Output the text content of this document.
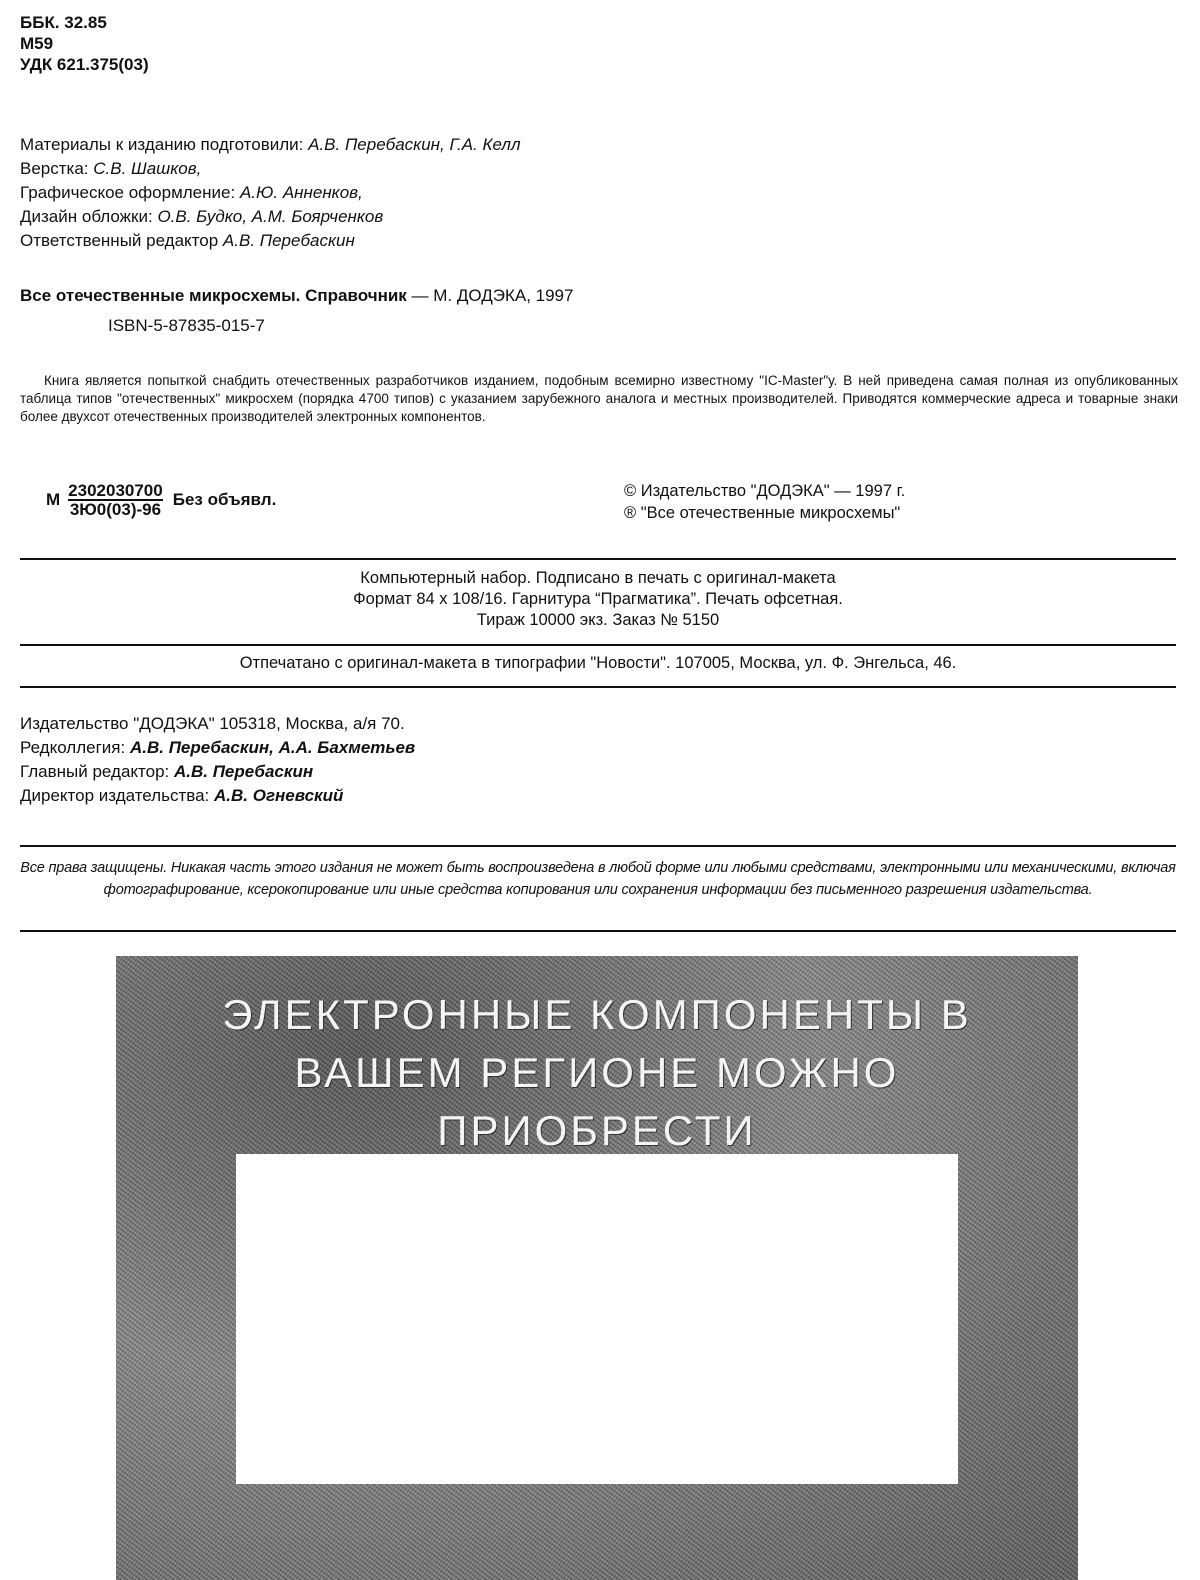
ББК. 32.85
М59
УДК 621.375(03)
Материалы к изданию подготовили: А.В. Перебаскин, Г.А. Келл
Верстка: С.В. Шашков,
Графическое оформление: А.Ю. Анненков,
Дизайн обложки: О.В. Будко, А.М. Боярченков
Ответственный редактор А.В. Перебаскин
Все отечественные микросхемы. Справочник — М. ДОДЭКА, 1997
ISBN-5-87835-015-7
Книга является попыткой снабдить отечественных разработчиков изданием, подобным всемирно известному "IC-Master"у. В ней приведена самая полная из опубликованных таблица типов "отечественных" микросхем (порядка 4700 типов) с указанием зарубежного аналога и местных производителей. Приводятся коммерческие адреса и товарные знаки более двухсот отечественных производителей электронных компонентов.
М $\frac{2302030700}{3Ю0(03)-96}$ Без объявл.	© Издательство "ДОДЭКА" — 1997 г.
® "Все отечественные микросхемы"
Компьютерный набор. Подписано в печать с оригинал-макета
Формат 84 х 108/16. Гарнитура “Прагматика”. Печать офсетная.
Тираж 10000 экз. Заказ № 5150
Отпечатано с оригинал-макета в типографии "Новости". 107005, Москва, ул. Ф. Энгельса, 46.
Издательство "ДОДЭКА" 105318, Москва, а/я 70.
Редколлегия: А.В. Перебаскин, А.А. Бахметьев
Главный редактор: А.В. Перебаскин
Директор издательства: А.В. Огневский
Все права защищены. Никакая часть этого издания не может быть воспроизведена в любой форме или любыми средствами, электронными или механическими, включая фотографирование, ксерокопирование или иные средства копирования или сохранения информации без письменного разрешения издательства.
ЭЛЕКТРОННЫЕ КОМПОНЕНТЫ В
ВАШЕМ РЕГИОНЕ МОЖНО
ПРИОБРЕСТИ
